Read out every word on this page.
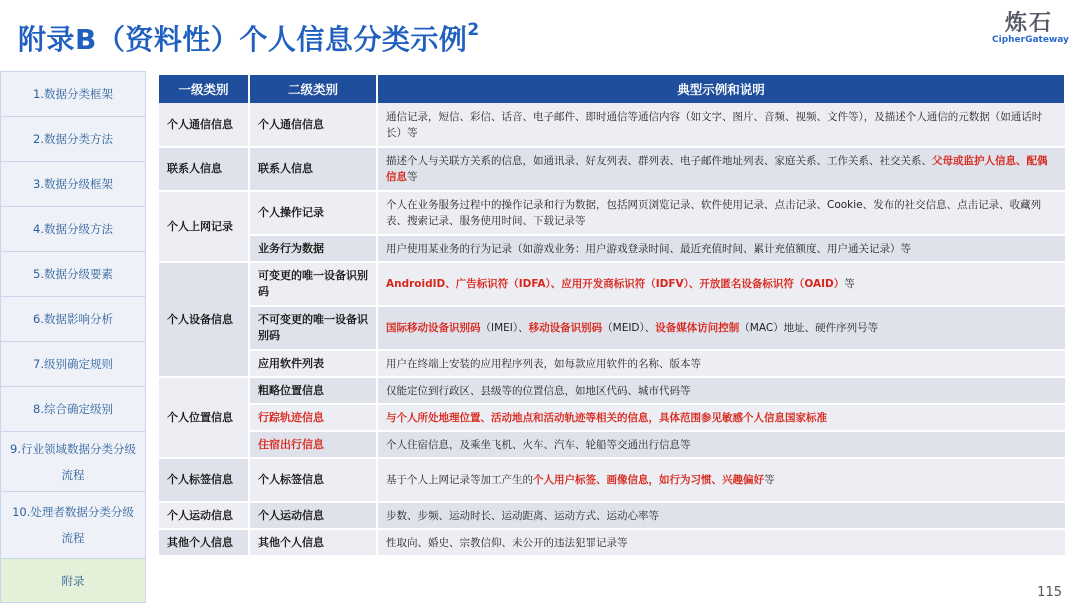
附录B（资料性）个人信息分类示例$^2$	炼石
CipherGateway
1.数据分类框架
2.数据分类方法
3.数据分级框架
4.数据分级方法
5.数据分级要素
6.数据影响分析
7.级别确定规则
8.综合确定级别
9.行业领域数据分类分级流程
10.处理者数据分类分级流程
附录
一级类别	二级类别	典型示例和说明
个人通信信息	个人通信信息	通信记录，短信、彩信、话音、电子邮件、即时通信等通信内容（如文字、图片、音频、视频、文件等），及描述个人通信的元数据（如通话时长）等
联系人信息	联系人信息	描述个人与关联方关系的信息，如通讯录、好友列表、群列表、电子邮件地址列表、家庭关系、工作关系、社交关系、父母或监护人信息、配偶信息等
个人上网记录	个人操作记录	个人在业务服务过程中的操作记录和行为数据，包括网页浏览记录、软件使用记录、点击记录、Cookie、发布的社交信息、点击记录、收藏列表、搜索记录、服务使用时间、下载记录等
	业务行为数据	用户使用某业务的行为记录（如游戏业务：用户游戏登录时间、最近充值时间、累计充值额度、用户通关记录）等
个人设备信息	可变更的唯一设备识别码	AndroidID、广告标识符（IDFA）、应用开发商标识符（IDFV）、开放匿名设备标识符（OAID）等
	不可变更的唯一设备识别码	国际移动设备识别码（IMEI）、移动设备识别码（MEID）、设备媒体访问控制（MAC）地址、硬件序列号等
	应用软件列表	用户在终端上安装的应用程序列表，如每款应用软件的名称、版本等
个人位置信息	粗略位置信息	仅能定位到行政区、县级等的位置信息，如地区代码、城市代码等
	行踪轨迹信息	与个人所处地理位置、活动地点和活动轨迹等相关的信息，具体范围参见敏感个人信息国家标准
	住宿出行信息	个人住宿信息，及乘坐飞机、火车、汽车、轮船等交通出行信息等
个人标签信息	个人标签信息	基于个人上网记录等加工产生的个人用户标签、画像信息，如行为习惯、兴趣偏好等
个人运动信息	个人运动信息	步数、步频、运动时长、运动距离、运动方式、运动心率等
其他个人信息	其他个人信息	性取向、婚史、宗教信仰、未公开的违法犯罪记录等
115
